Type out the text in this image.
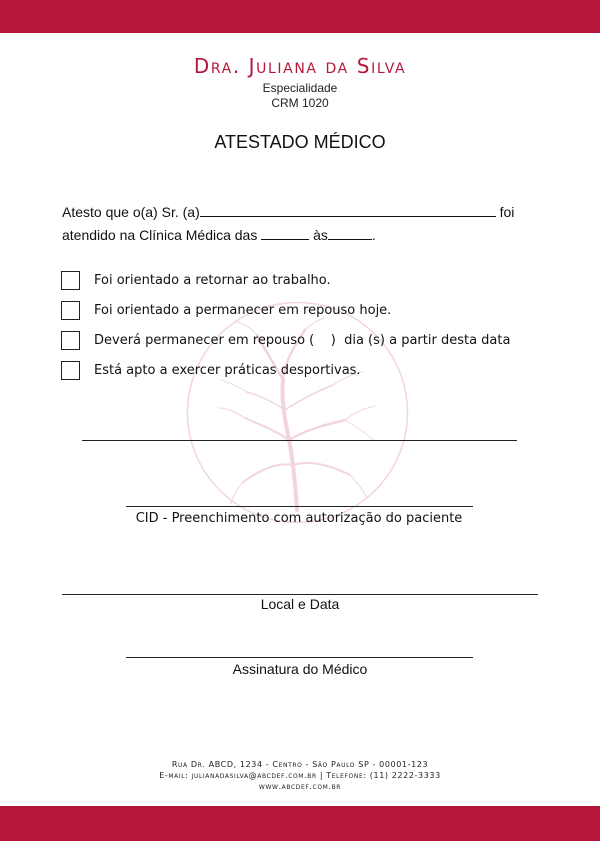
Dra. Juliana da Silva
Especialidade
CRM 1020
ATESTADO MÉDICO
Atesto que o(a) Sr. (a)	foi
atendido na Clínica Médica das	às	.
Foi orientado a retornar ao trabalho.
Foi orientado a permanecer em repouso hoje.
Deverá permanecer em repouso (    )  dia (s) a partir desta data
Está apto a exercer práticas desportivas.
CID - Preenchimento com autorização do paciente
Local e Data
Assinatura do Médico
Rua Dr. ABCD, 1234 - Centro - São Paulo SP - 00001-123
E-mail: julianadasilva@abcdef.com.br | Telefone: (11) 2222-3333
www.abcdef.com.br
